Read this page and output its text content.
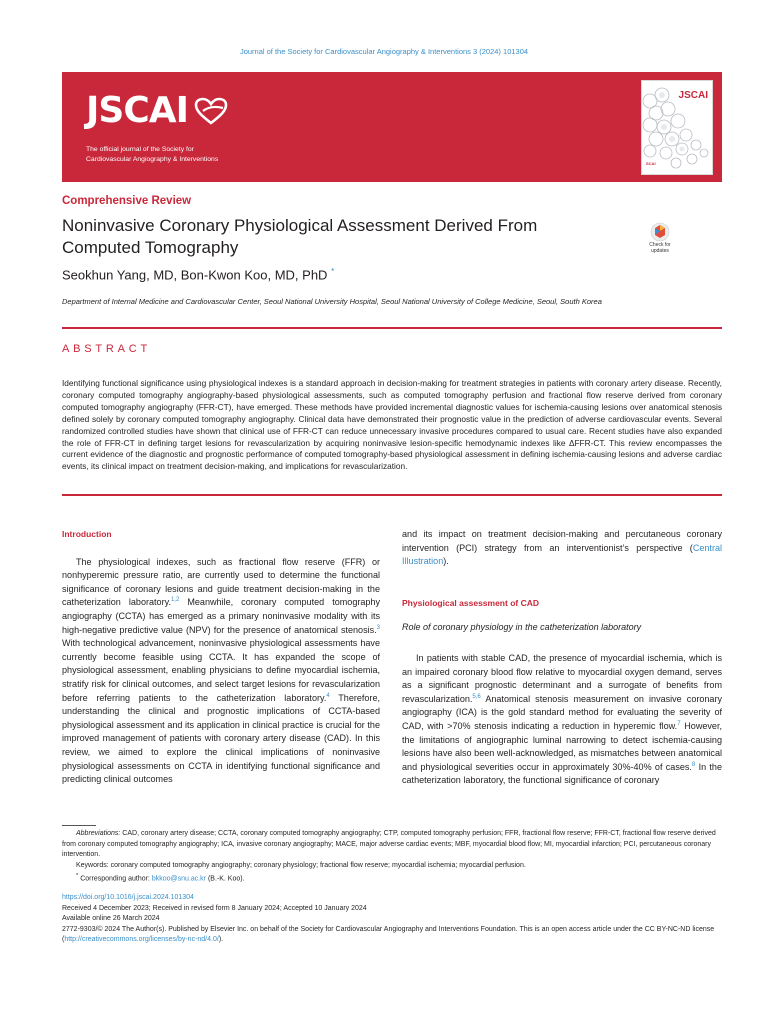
Journal of the Society for Cardiovascular Angiography & Interventions 3 (2024) 101304
JSCAI
The official journal of the Society for
Cardiovascular Angiography & Interventions
JSCAI
SCAI
Comprehensive Review
Noninvasive Coronary Physiological Assessment Derived From Computed Tomography	Check for
updates
Seokhun Yang, MD, Bon-Kwon Koo, MD, PhD *
Department of Internal Medicine and Cardiovascular Center, Seoul National University Hospital, Seoul National University of College Medicine, Seoul, South Korea
ABSTRACT
Identifying functional significance using physiological indexes is a standard approach in decision-making for treatment strategies in patients with coronary artery disease. Recently, coronary computed tomography angiography-based physiological assessments, such as computed tomography perfusion and fractional flow reserve derived from coronary computed tomography angiography (FFR-CT), have emerged. These methods have provided incremental diagnostic values for ischemia-causing lesions over anatomical stenosis defined solely by coronary computed tomography angiography. Clinical data have demonstrated their prognostic value in the prediction of adverse cardiovascular events. Several randomized controlled studies have shown that clinical use of FFR-CT can reduce unnecessary invasive procedures compared to usual care. Recent studies have also expanded the role of FFR-CT in defining target lesions for revascularization by acquiring noninvasive lesion-specific hemodynamic indexes like ΔFFR-CT. This review encompasses the current evidence of the diagnostic and prognostic performance of computed tomography-based physiological assessment in defining ischemia-causing lesions and adverse cardiac events, its clinical impact on treatment decision-making, and implications for revascularization.
Introduction

The physiological indexes, such as fractional flow reserve (FFR) or nonhyperemic pressure ratio, are currently used to determine the functional significance of coronary lesions and guide treatment decision-making in the catheterization laboratory.$^{1,2}$ Meanwhile, coronary computed tomography angiography (CCTA) has emerged as a primary noninvasive modality with its high-negative predictive value (NPV) for the presence of anatomical stenosis.$^3$ With technological advancement, noninvasive physiological assessments have currently become feasible using CCTA. It has expanded the scope of physiological assessment, enabling physicians to define myocardial ischemia, stratify risk for clinical outcomes, and select target lesions for revascularization before referring patients to the catheterization laboratory.$^4$ Therefore, understanding the clinical and prognostic implications of CCTA-based physiological assessment and its application in clinical practice is crucial for the improved management of patients with coronary artery disease (CAD). In this review, we aimed to explore the clinical implications of noninvasive physiological assessments on CCTA in identifying functional significance and predicting clinical outcomes

and its impact on treatment decision-making and percutaneous coronary intervention (PCI) strategy from an interventionist’s perspective (Central Illustration).

Physiological assessment of CAD
Role of coronary physiology in the catheterization laboratory

In patients with stable CAD, the presence of myocardial ischemia, which is an impaired coronary blood flow relative to myocardial oxygen demand, serves as a significant prognostic determinant and a surrogate of benefits from revascularization.$^{5,6}$ Anatomical stenosis measurement on invasive coronary angiography (ICA) is the gold standard method for evaluating the severity of CAD, with >70% stenosis indicating a reduction in hyperemic flow.$^7$ However, the limitations of angiographic luminal narrowing to detect ischemia-causing lesions have also been well-acknowledged, as mismatches between anatomical and physiological severities occur in approximately 30%-40% of cases.$^8$ In the catheterization laboratory, the functional significance of coronary

Abbreviations: CAD, coronary artery disease; CCTA, coronary computed tomography angiography; CTP, computed tomography perfusion; FFR, fractional flow reserve; FFR-CT, fractional flow reserve derived from coronary computed tomography angiography; ICA, invasive coronary angiography; MACE, major adverse cardiac events; MBF, myocardial blood flow; MI, myocardial infarction; PCI, percutaneous coronary intervention.

Keywords: coronary computed tomography angiography; coronary physiology; fractional flow reserve; myocardial ischemia; myocardial perfusion.

* Corresponding author: bkkoo@snu.ac.kr (B.-K. Koo).

https://doi.org/10.1016/j.jscai.2024.101304
Received 4 December 2023; Received in revised form 8 January 2024; Accepted 10 January 2024
Available online 26 March 2024
2772-9303/© 2024 The Author(s). Published by Elsevier Inc. on behalf of the Society for Cardiovascular Angiography and Interventions Foundation. This is an open access article under the CC BY-NC-ND license (http://creativecommons.org/licenses/by-nc-nd/4.0/).
